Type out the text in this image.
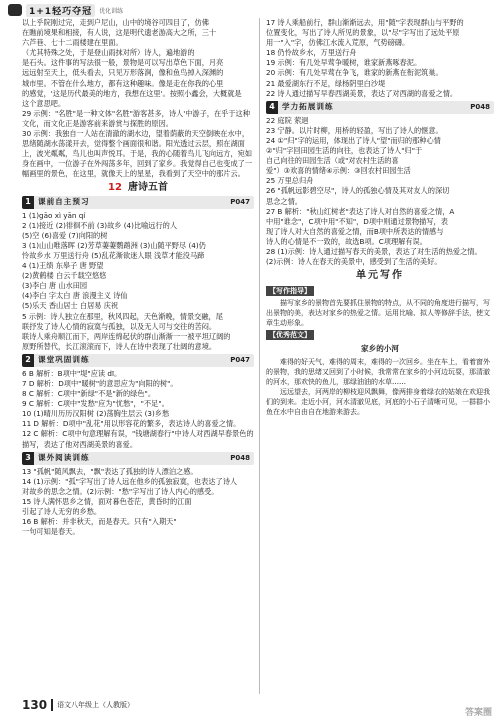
1+1轻巧夺冠	优化训练

以上乎院刚过完，走到户尼山，山中的境谷可四目了，仿佛

在瞧前境果和相接，有人说，这是明代遗老游高大之所，三十

六芦巷、七十二雨楼建在里面。

（尤其特殊之处，于是登山雨抹对所）诗人，遍地游的

是石头。这件事的写法很一般，景物是可以写出草色下面，月亮

远远射至天上，低头看去，只见万形落涧，像和鱼鸟掉入深渊的

城市里。不管在什么地方，都有这种趣味。像是走在你我的心里

的感觉，'这是历代最美的地方，我想在这里'。按照小鑫会，大概就是

这个意思吧。

29 示例："名胜"是一种文体"名胜"游客甚多，诗人'中游子，在乎于这种文化，而文化正是游客前来游赏与探胜的原因。

30 示例：我独自一人站在清澈的湖水边，望着荫蔽的天空倒映在水中，思绪随湖水荡漾开去，觉得整个画面很和谐。阳光透过云层，照在湖面上，波光粼粼，鸟儿也叫声悦耳。于是，我的心随着鸟儿飞向远方，宛如身在画中，一位游子在外闯荡多年，回到了家乡。我觉得自己也变成了一幅画里的景色，在这里，就像天上的星星，我看到了天空中的那片云。

12 唐诗五首
1 课前自主预习	P047

1 (1)gāo xì yān qí

2 (1)接近 (2)徘徊不前 (3)故乡 (4)比喻远行的人

(5)空 (6)喜爱 (7)向阳的树

3 (1)山山唯落晖 (2)芳草萋萋鹦鹉洲 (3)山随平野尽 (4)仍

怜故乡水 万里送行舟 (5)乱花渐欲迷人眼 浅草才能没马蹄

4 (1)王绩 东皋子 唐 野望

(2)黄鹤楼 白云千载空悠悠

(3)李白 唐 山水田园

(4)李白 字太白 唐 浪漫主义 诗仙

(5)乐天 香山居士 白居易 庆祝

5 示例：诗人独立在那里，秋风四起，天色渐晚，情景交融，尾

联抒发了诗人心情的寂寞与孤独，以及无人可与交往的苦闷。

联诗人乘舟顺江而下，两岸连绵起伏的群山渐渐一一被平坦辽阔的

原野所替代，长江滚滚而下，诗人在诗中表现了壮阔的意境。

2 课堂巩固训练	P047

6 B 解析：B项中"堤"应读 dī。

7 D 解析：D项中"暖树"的意思应为"向阳的树"。

8 C 解析：C项中"新绿"不是"新的绿色"。

9 C 解析：C项中"发愁"应为"忧愁"，"不足"。

10 (1)晴川历历汉阳树 (2)荡胸生层云 (3)乡愁

11 D 解析：D项中"乱花"用以形容花的繁多，表达诗人的喜爱之情。

12 C 解析：C项中句意理解有误，"钱塘湖春行"中诗人对西湖早春景色的描写，表达了他对西湖美景的喜爱。

3 课外阅读训练	P048

13 "孤帆"随风飘去，"飘"表达了孤独的诗人漂泊之感。

14 (1)示例："孤"字写出了诗人远在他乡的孤独寂寞，也表达了诗人

对故乡的思念之情。(2)示例："愁"字写出了诗人内心的感受。

15 诗人满怀思乡之情，面对暮色苍茫，黄昏时的江面

引起了诗人无穷的乡愁。

16 B 解析：并非秋天，而是春天。只有"入期天"

一句可知是春天。

17 诗人乘船前行，群山渐渐远去，用"随"字表现群山与平野的

位置变化，写出了诗人所见的景象，以"尽"字写出了远处平原

用一"入"字，仿佛江水流入荒原，气势磅礴。

18 仍怜故乡水，万里送行舟

19 示例：有几处早莺争暖树，谁家新燕啄春泥。

20 示例：有几处早莺在争飞，谁家的新燕在衔泥筑巢。

21 最爱湖东行不足，绿杨阴里白沙堤

22 诗人通过描写早春西湖美景，表达了对西湖的喜爱之情。

4 学力拓展训练	P048

22 庭院 萦迴

23 宁静。以片时柳，用桥的轻盈，写出了诗人的惬意。

24 ①"归"字的运用，体现出了诗人"望"而归的那种心情

②"归"字回田园生活的向往，也表达了诗人"归"于

自己向往的田园生活（或"对农村生活的喜

爱"）③欢喜的情绪④示例：③回农村田园生活

25 万里总归舟

26 "孤帆远影碧空尽"，诗人的孤独心情及其对友人的深切

思念之情。

27 B 解析："秋山红树老"表达了诗人对自然的喜爱之情，A

中用"谁念"，C项中用"不知"，D项中则通过景物描写，表

现了诗人对大自然的喜爱之情，而B项中所表达的情感与

诗人的心情是不一致的，故选B项。C项理解有误。

28 (1)示例：诗人通过描写春天的美景，表达了对生活的热爱之情。

(2)示例：诗人在春天的美景中，感受到了生活的美好。

单元写作
【写作指导】

描写家乡的景物首先要抓住景物的特点，从不同的角度进行描写，写出景物的美，表达对家乡的热爱之情。运用比喻、拟人等修辞手法，使文章生动形象。

【优秀范文】
家乡的小河

难得的好天气，难得的周末，难得的一次回乡。坐在车上，看着窗外的景物，我的思绪又回到了小时候，我常常在家乡的小河边玩耍，那清澈的河水，那欢快的鱼儿，那绿油油的水草……

远远望去，河两岸的柳枝迎风飘舞，像两排身着绿衣的姑娘在欢迎我们的到来。走近小河，河水清澈见底，河底的小石子清晰可见，一群群小鱼在水中自由自在地游来游去。

130 语文八年级上（人教版）
答案圈
